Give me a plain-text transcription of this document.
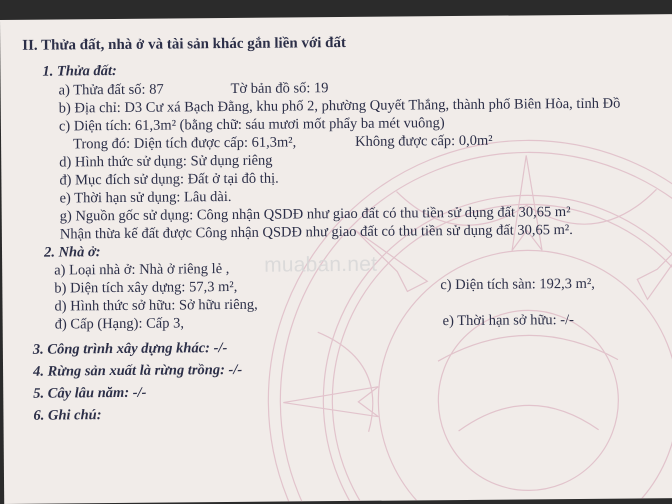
muaban.net
II. Thửa đất, nhà ở và tài sản khác gắn liền với đất
1. Thửa đất:
a) Thửa đất số: 87	Tờ bản đồ số: 19
b) Địa chỉ: D3 Cư xá Bạch Đằng, khu phố 2, phường Quyết Thắng, thành phố Biên Hòa, tỉnh Đồ
c) Diện tích: 61,3m² (bằng chữ: sáu mươi mốt phẩy ba mét vuông)
Trong đó: Diện tích được cấp: 61,3m²,	Không được cấp: 0,0m²
d) Hình thức sử dụng: Sử dụng riêng
đ) Mục đích sử dụng: Đất ở tại đô thị.
e) Thời hạn sử dụng: Lâu dài.
g) Nguồn gốc sử dụng: Công nhận QSDĐ như giao đất có thu tiền sử dụng đất 30,65 m²
Nhận thừa kế đất được Công nhận QSDĐ như giao đất có thu tiền sử dụng đất 30,65 m².
2. Nhà ở:
a) Loại nhà ở: Nhà ở riêng lẻ ,
b) Diện tích xây dựng: 57,3 m²,	c) Diện tích sàn: 192,3 m²,
d) Hình thức sở hữu: Sở hữu riêng,
đ) Cấp (Hạng): Cấp 3,	e) Thời hạn sở hữu: -/-
3. Công trình xây dựng khác: -/-
4. Rừng sản xuất là rừng trồng: -/-
5. Cây lâu năm: -/-
6. Ghi chú:
